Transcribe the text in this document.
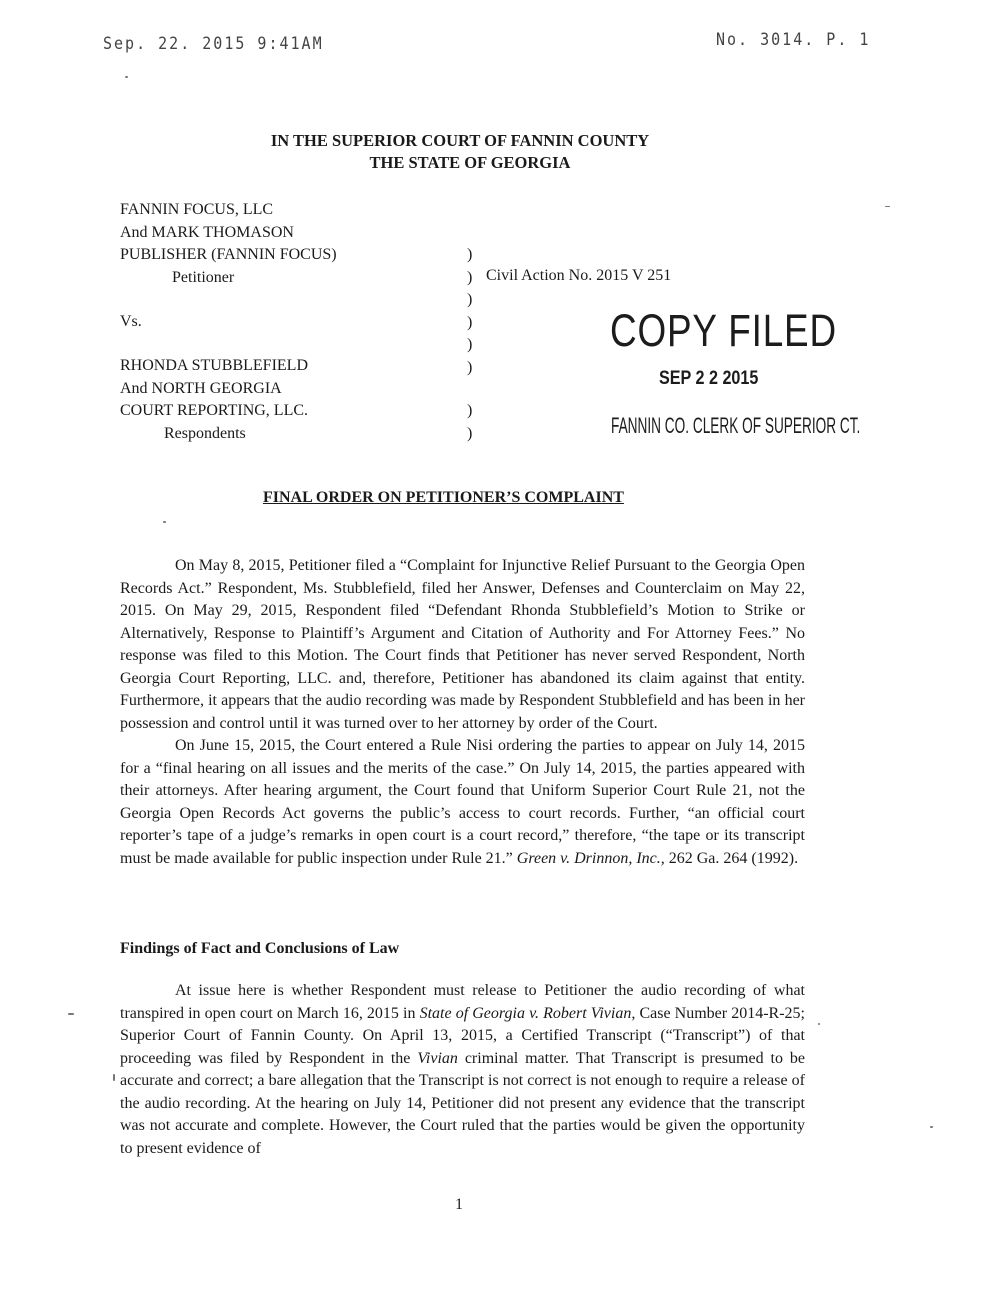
Sep. 22. 2015 9:41AM	No. 3014. P. 1
IN THE SUPERIOR COURT OF FANNIN COUNTY
THE STATE OF GEORGIA
FANNIN FOCUS, LLC
And MARK THOMASON
PUBLISHER (FANNIN FOCUS)
Petitioner
Vs.
RHONDA STUBBLEFIELD
And NORTH GEORGIA
COURT REPORTING, LLC.
Respondents
)
)
)
)
)
)
)
)
Civil Action No. 2015 V 251
COPY FILED
SEP 2 2 2015
FANNIN CO. CLERK OF SUPERIOR CT.
FINAL ORDER ON PETITIONER’S COMPLAINT

On May 8, 2015, Petitioner filed a “Complaint for Injunctive Relief Pursuant to the Georgia Open Records Act.” Respondent, Ms. Stubblefield, filed her Answer, Defenses and Counterclaim on May 22, 2015. On May 29, 2015, Respondent filed “Defendant Rhonda Stubblefield’s Motion to Strike or Alternatively, Response to Plaintiff’s Argument and Citation of Authority and For Attorney Fees.” No response was filed to this Motion. The Court finds that Petitioner has never served Respondent, North Georgia Court Reporting, LLC. and, therefore, Petitioner has abandoned its claim against that entity. Furthermore, it appears that the audio recording was made by Respondent Stubblefield and has been in her possession and control until it was turned over to her attorney by order of the Court.

On June 15, 2015, the Court entered a Rule Nisi ordering the parties to appear on July 14, 2015 for a “final hearing on all issues and the merits of the case.” On July 14, 2015, the parties appeared with their attorneys. After hearing argument, the Court found that Uniform Superior Court Rule 21, not the Georgia Open Records Act governs the public’s access to court records. Further, “an official court reporter’s tape of a judge’s remarks in open court is a court record,” therefore, “the tape or its transcript must be made available for public inspection under Rule 21.” Green v. Drinnon, Inc., 262 Ga. 264 (1992).

Findings of Fact and Conclusions of Law

At issue here is whether Respondent must release to Petitioner the audio recording of what transpired in open court on March 16, 2015 in State of Georgia v. Robert Vivian, Case Number 2014-R-25; Superior Court of Fannin County. On April 13, 2015, a Certified Transcript (“Transcript”) of that proceeding was filed by Respondent in the Vivian criminal matter. That Transcript is presumed to be accurate and correct; a bare allegation that the Transcript is not correct is not enough to require a release of the audio recording. At the hearing on July 14, Petitioner did not present any evidence that the transcript was not accurate and complete. However, the Court ruled that the parties would be given the opportunity to present evidence of

1
